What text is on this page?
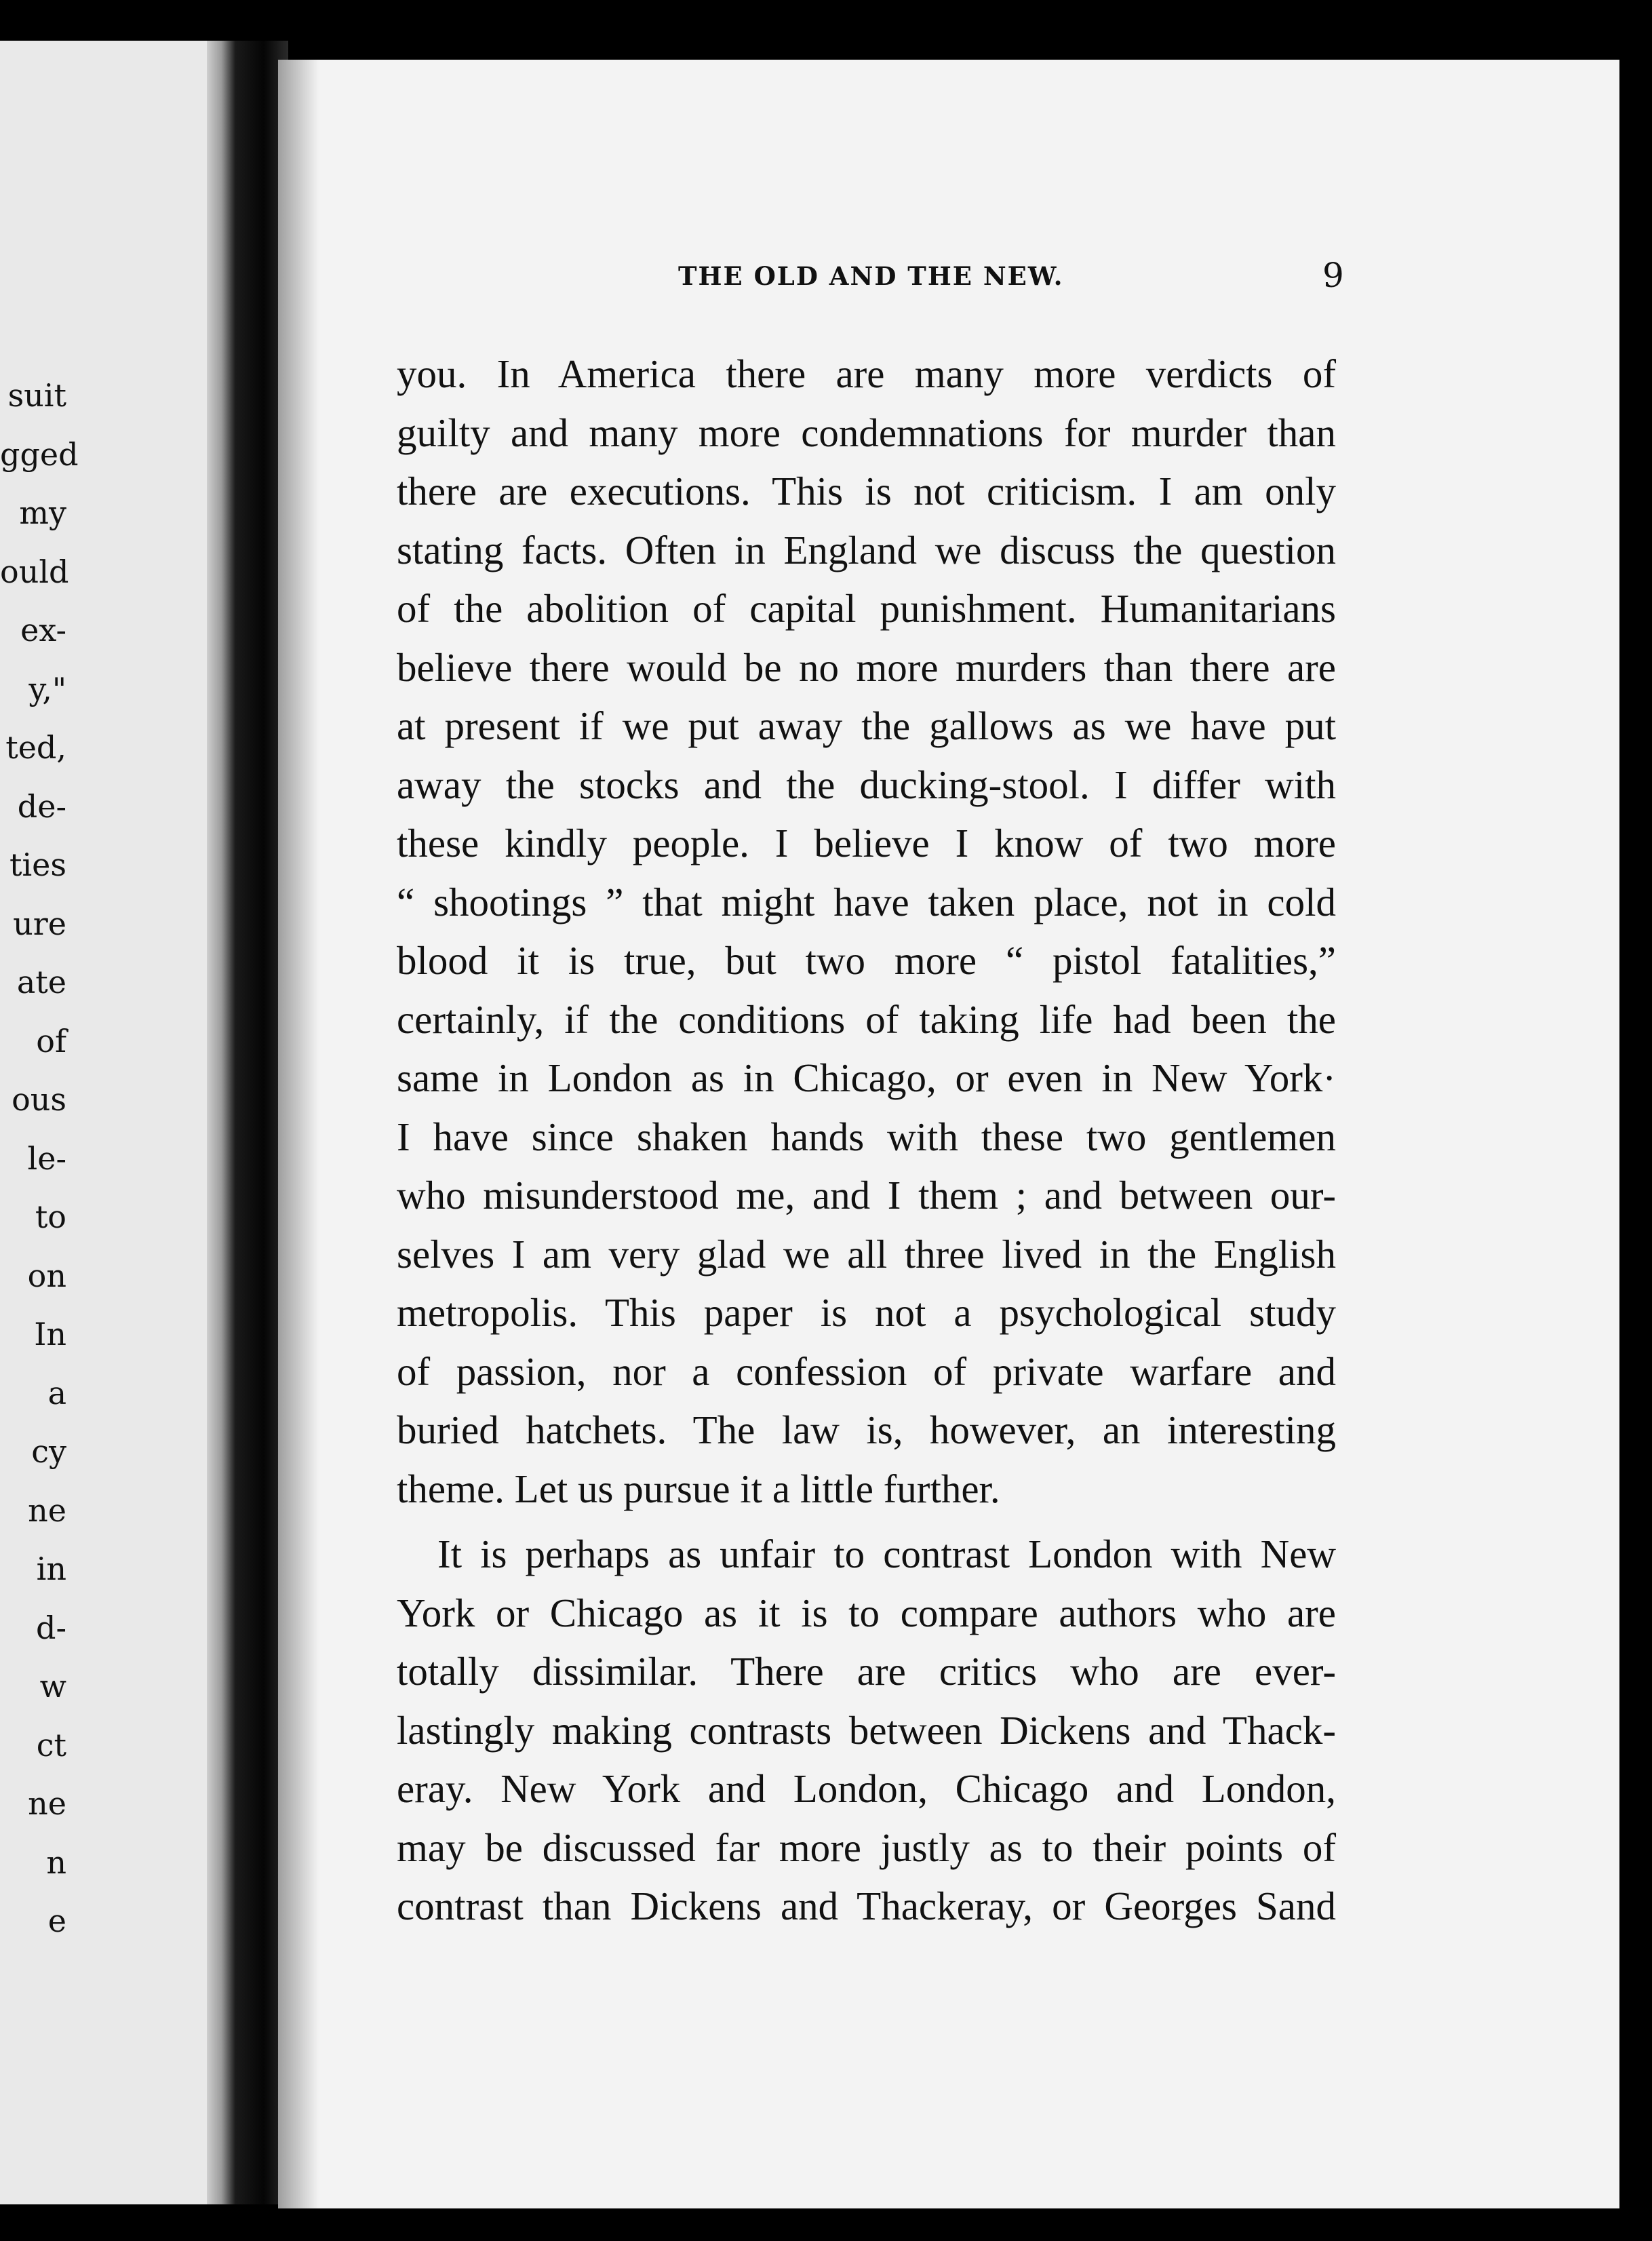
suit
gged
my
ould
ex-
y,"
ted,
de-
ties
ure
ate
of
ous
le-
to
on
In
a
cy
ne
in
d-
w
ct
ne
n
e
THE OLD AND THE NEW.	9
you. In America there are many more verdicts of
guilty and many more condemnations for murder than
there are executions. This is not criticism. I am only
stating facts. Often in England we discuss the question
of the abolition of capital punishment. Humanitarians
believe there would be no more murders than there are
at present if we put away the gallows as we have put
away the stocks and the ducking-stool. I differ with
these kindly people. I believe I know of two more
“ shootings ” that might have taken place, not in cold
blood it is true, but two more “ pistol fatalities,”
certainly, if the conditions of taking life had been the
same in London as in Chicago, or even in New York·
I have since shaken hands with these two gentlemen
who misunderstood me, and I them ; and between our-
selves I am very glad we all three lived in the English
metropolis. This paper is not a psychological study
of passion, nor a confession of private warfare and
buried hatchets. The law is, however, an interesting
theme. Let us pursue it a little further.
It is perhaps as unfair to contrast London with New
York or Chicago as it is to compare authors who are
totally dissimilar. There are critics who are ever-
lastingly making contrasts between Dickens and Thack-
eray. New York and London, Chicago and London,
may be discussed far more justly as to their points of
contrast than Dickens and Thackeray, or Georges Sand
